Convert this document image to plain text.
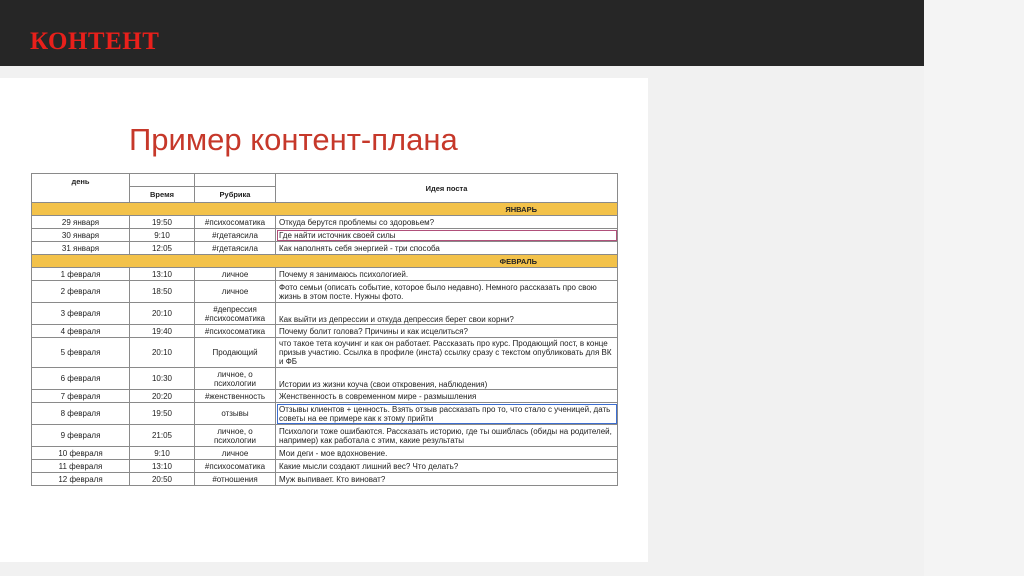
КОНТЕНТ
Пример контент-плана
день			Идея поста
	Время	Рубрика	
ЯНВАРЬ			
29 января	19:50	#психосоматика	Откуда берутся проблемы со здоровьем?
30 января	9:10	#гдетаясила	Где найти источник своей силы
31 января	12:05	#гдетаясила	Как наполнять себя энергией - три способа
ФЕВРАЛЬ			
1 февраля	13:10	личное	Почему я занимаюсь психологией.
2 февраля	18:50	личное	Фото семьи (описать событие, которое было недавно). Немного рассказать про свою жизнь в этом посте. Нужны фото.
3 февраля	20:10	#депрессия #психосоматика	Как выйти из депрессии и откуда депрессия берет свои корни?
4 февраля	19:40	#психосоматика	Почему болит голова? Причины и как исцелиться?
5 февраля	20:10	Продающий	что такое тета коучинг и как он работает. Рассказать про курс. Продающий пост, в конце призыв участию. Ссылка в профиле (инста) ссылку сразу с текстом опубликовать для ВК и ФБ
6 февраля	10:30	личное, о психологии	Истории из жизни коуча (свои откровения, наблюдения)
7 февраля	20:20	#женственность	Женственность в современном мире - размышления
8 февраля	19:50	отзывы	Отзывы клиентов + ценность. Взять отзыв рассказать про то, что стало с ученицей, дать советы на ее примере как к этому прийти
9 февраля	21:05	личное, о психологии	Психологи тоже ошибаются. Рассказать историю, где ты ошиблась (обиды на родителей, например) как работала с этим, какие результаты
10 февраля	9:10	личное	Мои деги - мое вдохновение.
11 февраля	13:10	#психосоматика	Какие мысли создают лишний вес? Что делать?
12 февраля	20:50	#отношения	Муж выпивает. Кто виноват?
